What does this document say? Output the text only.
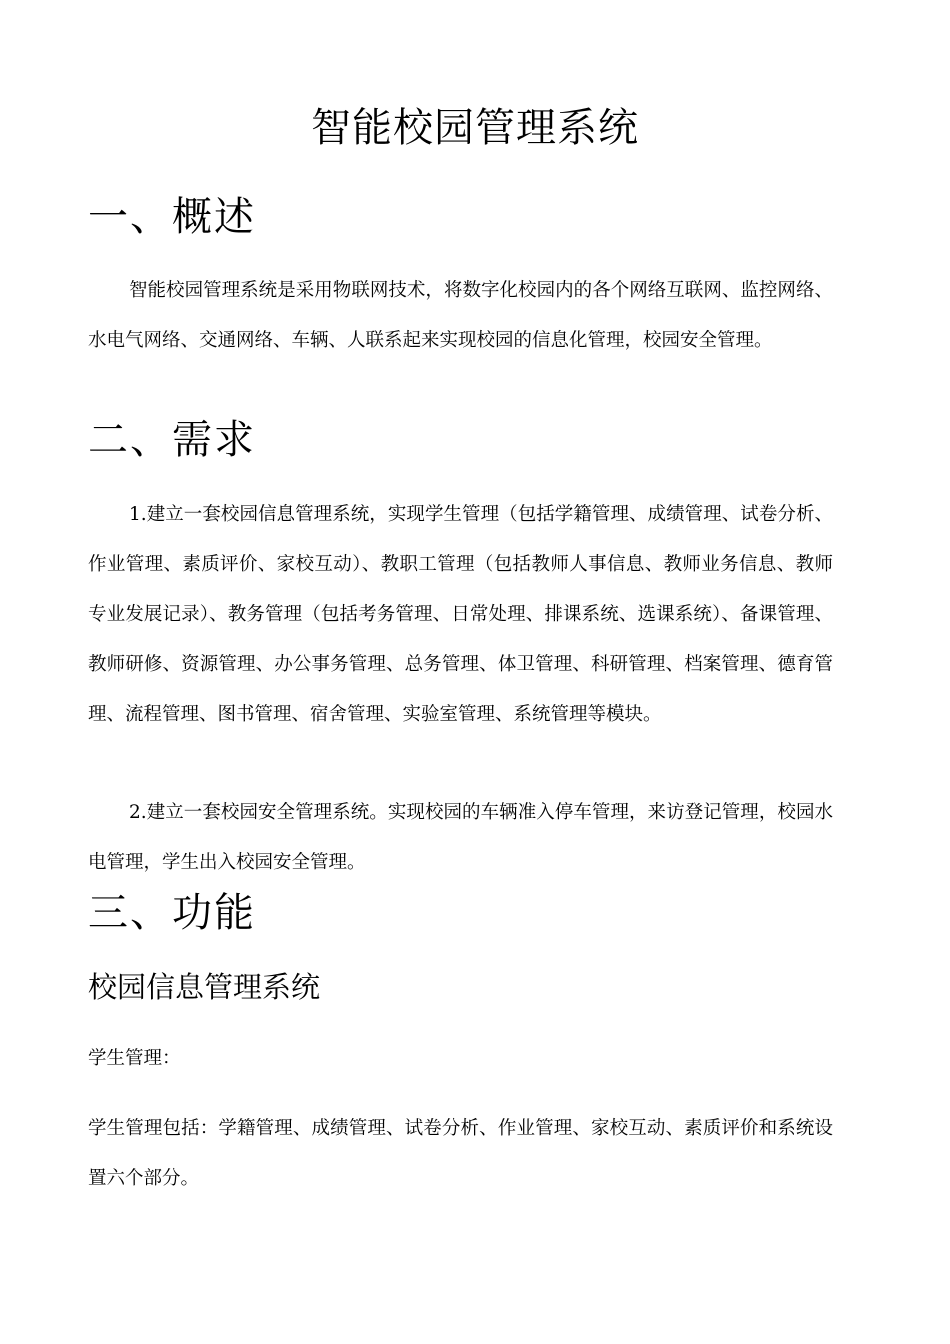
智能校园管理系统
一、概述

智能校园管理系统是采用物联网技术，将数字化校园内的各个网络互联网、监控网络、水电气网络、交通网络、车辆、人联系起来实现校园的信息化管理，校园安全管理。

二、需求

1.建立一套校园信息管理系统，实现学生管理（包括学籍管理、成绩管理、试卷分析、作业管理、素质评价、家校互动）、教职工管理（包括教师人事信息、教师业务信息、教师专业发展记录）、教务管理（包括考务管理、日常处理、排课系统、选课系统）、备课管理、教师研修、资源管理、办公事务管理、总务管理、体卫管理、科研管理、档案管理、德育管理、流程管理、图书管理、宿舍管理、实验室管理、系统管理等模块。

2.建立一套校园安全管理系统。实现校园的车辆准入停车管理，来访登记管理，校园水电管理，学生出入校园安全管理。

三、功能
校园信息管理系统

学生管理：

学生管理包括：学籍管理、成绩管理、试卷分析、作业管理、家校互动、素质评价和系统设置六个部分。
